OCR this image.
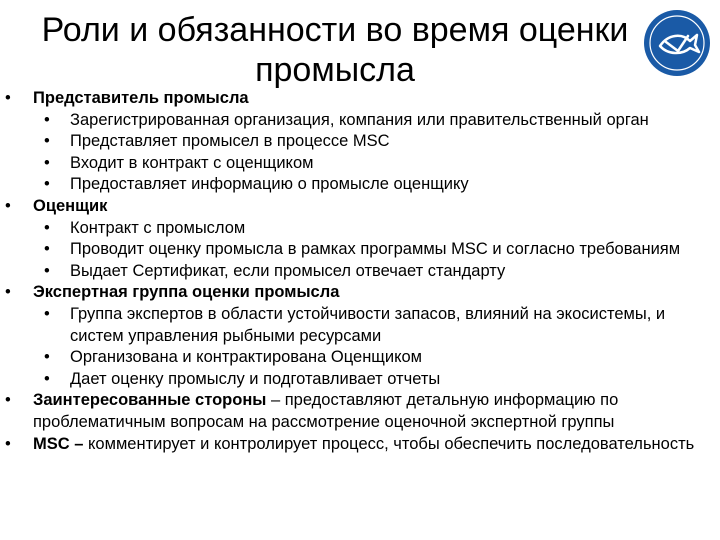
Роли и обязанности во время оценки
промысла
• Представитель промысла
• Зарегистрированная организация, компания или правительственный орган
• Представляет промысел в процессе MSC
• Входит в контракт с оценщиком
• Предоставляет информацию о промысле оценщику
• Оценщик
• Контракт с промыслом
• Проводит оценку промысла в рамках программы MSC и согласно требованиям
• Выдает Сертификат, если промысел отвечает стандарту
• Экспертная группа оценки промысла
• Группа экспертов в области устойчивости запасов, влияний на экосистемы, и систем управления рыбными ресурсами
• Организована и контрактирована Оценщиком
• Дает оценку промыслу и подготавливает отчеты
• Заинтересованные стороны – предоставляют детальную информацию по проблематичным вопросам на рассмотрение оценочной экспертной группы
• MSC – комментирует и контролирует процесс, чтобы обеспечить последовательность
